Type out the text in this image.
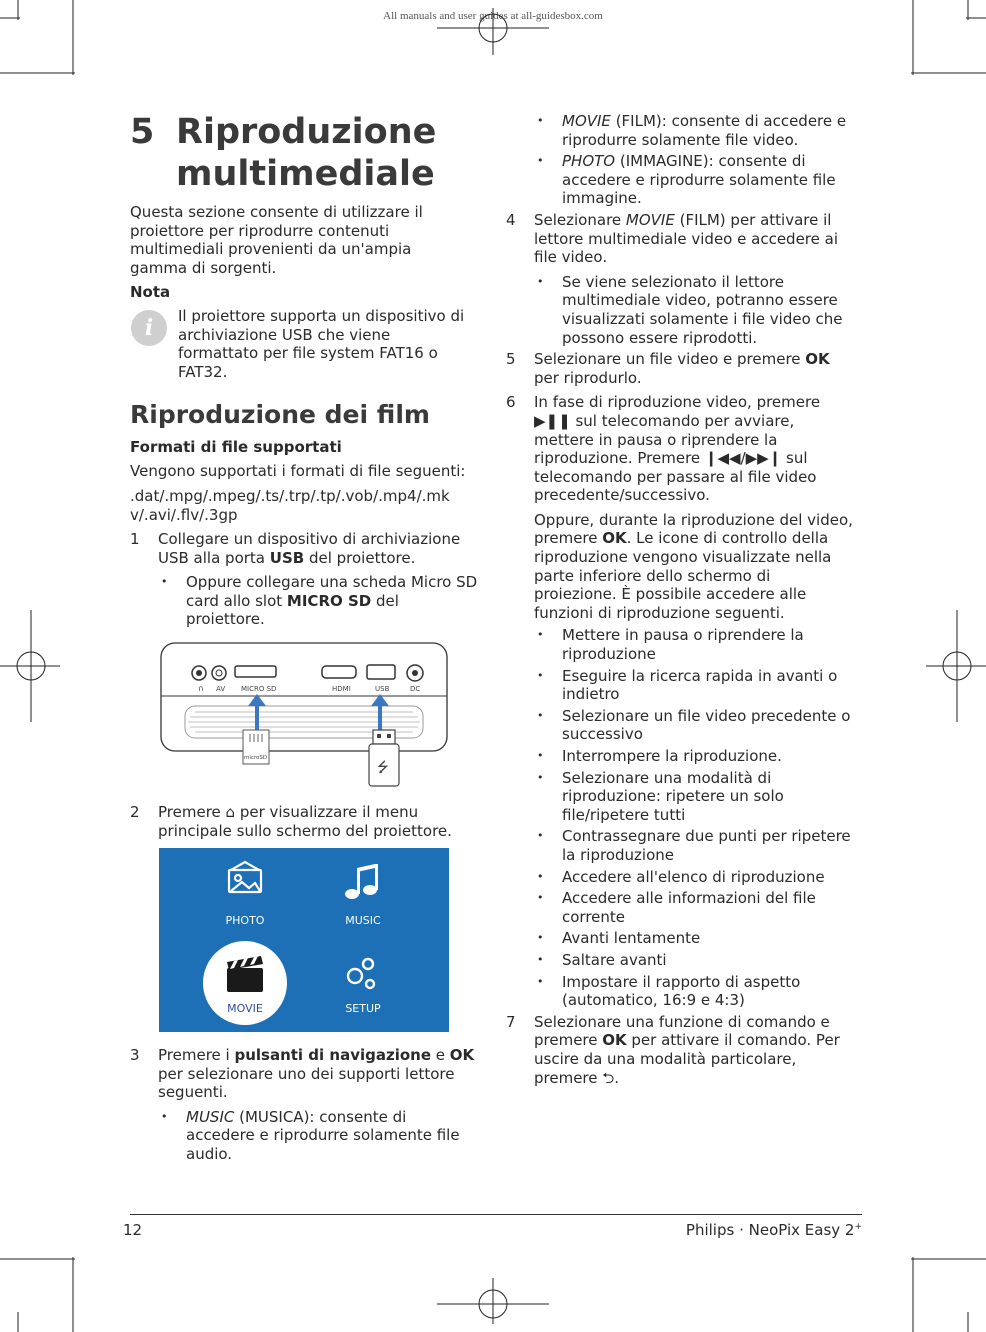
All manuals and user guides at all-guidesbox.com
5 Riproduzione
multimediale

Questa sezione consente di utilizzare il proiettore per riprodurre contenuti multimediali provenienti da un'ampia gamma di sorgenti.

Nota
i	Il proiettore supporta un dispositivo di archiviazione USB che viene formattato per file system FAT16 o FAT32.

Riproduzione dei film
Formati di file supportati

Vengono supportati i formati di file seguenti:

.dat/.mpg/.mpeg/.ts/.trp/.tp/.vob/.mp4/.mkv/.avi/.flv/.3gp

1 Collegare un dispositivo di archiviazione USB alla porta USB del proiettore.
• Oppure collegare una scheda Micro SD card allo slot MICRO SD del proiettore.
∩ AV MICRO SD	HDMI	USB	DC
microSD
⭍
2 Premere ⌂ per visualizzare il menu principale sullo schermo del proiettore.
PHOTO	MUSIC
MOVIE	SETUP
3 Premere i pulsanti di navigazione e OK per selezionare uno dei supporti lettore seguenti.
• MUSIC (MUSICA): consente di accedere e riprodurre solamente file audio.
• MOVIE (FILM): consente di accedere e riprodurre solamente file video.
• PHOTO (IMMAGINE): consente di accedere e riprodurre solamente file immagine.
4 Selezionare MOVIE (FILM) per attivare il lettore multimediale video e accedere ai file video.
• Se viene selezionato il lettore multimediale video, potranno essere visualizzati solamente i file video che possono essere riprodotti.
5 Selezionare un file video e premere OK per riprodurlo.
6 In fase di riproduzione video, premere ▶❚❚ sul telecomando per avviare, mettere in pausa o riprendere la riproduzione. Premere ❙◀◀/▶▶❙ sul telecomando per passare al file video precedente/successivo.
Oppure, durante la riproduzione del video, premere OK. Le icone di controllo della riproduzione vengono visualizzate nella parte inferiore dello schermo di proiezione. È possibile accedere alle funzioni di riproduzione seguenti.
• Mettere in pausa o riprendere la riproduzione
• Eseguire la ricerca rapida in avanti o indietro
• Selezionare un file video precedente o successivo
• Interrompere la riproduzione.
• Selezionare una modalità di riproduzione: ripetere un solo file/ripetere tutti
• Contrassegnare due punti per ripetere la riproduzione
• Accedere all'elenco di riproduzione
• Accedere alle informazioni del file corrente
• Avanti lentamente
• Saltare avanti
• Impostare il rapporto di aspetto (automatico, 16:9 e 4:3)
7 Selezionare una funzione di comando e premere OK per attivare il comando. Per uscire da una modalità particolare, premere ⮌.
12	Philips · NeoPix Easy 2+
